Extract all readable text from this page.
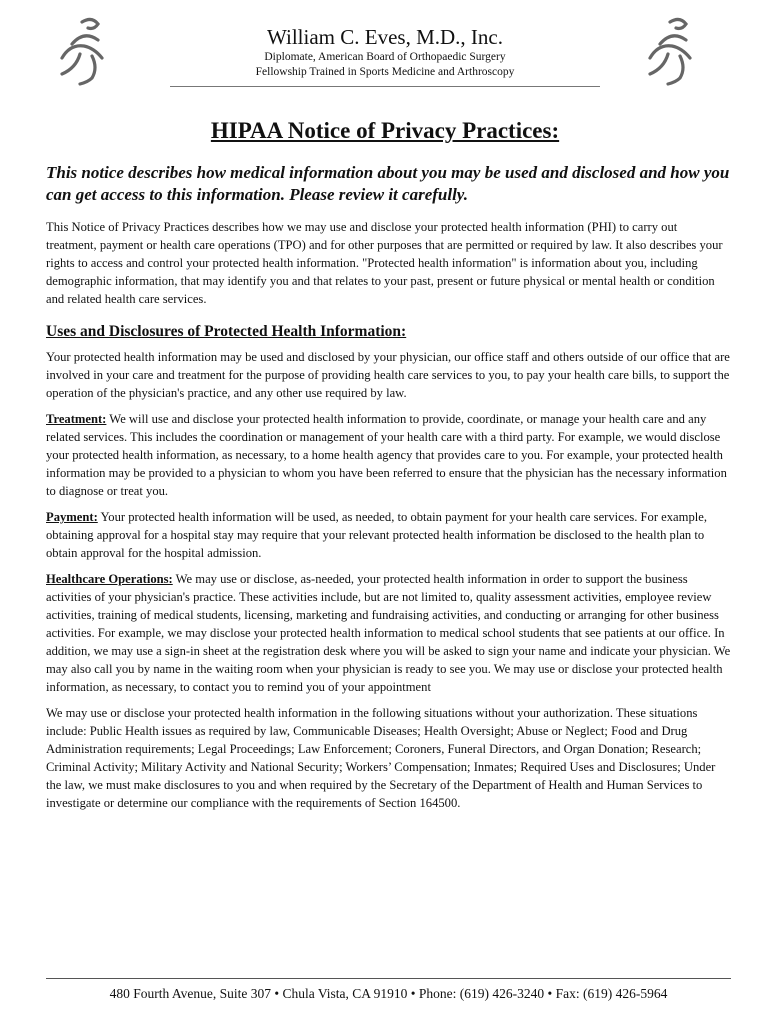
William C. Eves, M.D., Inc.
Diplomate, American Board of Orthopaedic Surgery
Fellowship Trained in Sports Medicine and Arthroscopy
HIPAA Notice of Privacy Practices:
This notice describes how medical information about you may be used and disclosed and how you can get access to this information. Please review it carefully.

This Notice of Privacy Practices describes how we may use and disclose your protected health information (PHI) to carry out treatment, payment or health care operations (TPO) and for other purposes that are permitted or required by law. It also describes your rights to access and control your protected health information. "Protected health information" is information about you, including demographic information, that may identify you and that relates to your past, present or future physical or mental health or condition and related health care services.

Uses and Disclosures of Protected Health Information:

Your protected health information may be used and disclosed by your physician, our office staff and others outside of our office that are involved in your care and treatment for the purpose of providing health care services to you, to pay your health care bills, to support the operation of the physician's practice, and any other use required by law.

Treatment: We will use and disclose your protected health information to provide, coordinate, or manage your health care and any related services. This includes the coordination or management of your health care with a third party. For example, we would disclose your protected health information, as necessary, to a home health agency that provides care to you. For example, your protected health information may be provided to a physician to whom you have been referred to ensure that the physician has the necessary information to diagnose or treat you.

Payment: Your protected health information will be used, as needed, to obtain payment for your health care services. For example, obtaining approval for a hospital stay may require that your relevant protected health information be disclosed to the health plan to obtain approval for the hospital admission.

Healthcare Operations: We may use or disclose, as-needed, your protected health information in order to support the business activities of your physician's practice. These activities include, but are not limited to, quality assessment activities, employee review activities, training of medical students, licensing, marketing and fundraising activities, and conducting or arranging for other business activities. For example, we may disclose your protected health information to medical school students that see patients at our office. In addition, we may use a sign-in sheet at the registration desk where you will be asked to sign your name and indicate your physician. We may also call you by name in the waiting room when your physician is ready to see you. We may use or disclose your protected health information, as necessary, to contact you to remind you of your appointment

We may use or disclose your protected health information in the following situations without your authorization. These situations include: Public Health issues as required by law, Communicable Diseases; Health Oversight; Abuse or Neglect; Food and Drug Administration requirements; Legal Proceedings; Law Enforcement; Coroners, Funeral Directors, and Organ Donation; Research; Criminal Activity; Military Activity and National Security; Workers’ Compensation; Inmates; Required Uses and Disclosures; Under the law, we must make disclosures to you and when required by the Secretary of the Department of Health and Human Services to investigate or determine our compliance with the requirements of Section 164500.

480 Fourth Avenue, Suite 307 • Chula Vista, CA 91910 • Phone: (619) 426-3240 • Fax: (619) 426-5964
